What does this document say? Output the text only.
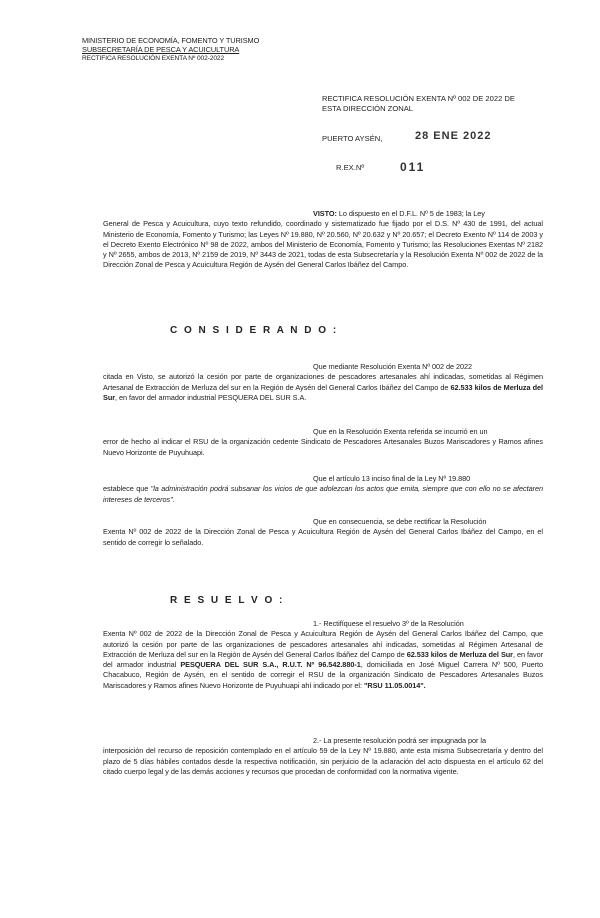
MINISTERIO DE ECONOMÍA, FOMENTO Y TURISMO
SUBSECRETARÍA DE PESCA Y ACUICULTURA
RECTIFICA RESOLUCIÓN EXENTA Nº 002-2022
RECTIFICA RESOLUCIÓN EXENTA Nº 002 DE 2022 DE
ESTA DIRECCIÓN ZONAL
PUERTO AYSÉN,	28 ENE 2022
R.EX.Nº	011
VISTO: Lo dispuesto en el D.F.L. Nº 5 de 1983; la Ley
General de Pesca y Acuicultura, cuyo texto refundido, coordinado y sistematizado fue fijado por el D.S. Nº 430 de 1991, del actual Ministerio de Economía, Fomento y Turismo; las Leyes Nº 19.880, Nº 20.560, Nº 20.632 y Nº 20.657; el Decreto Exento Nº 114 de 2003 y el Decreto Exento Electrónico Nº 98 de 2022, ambos del Ministerio de Economía, Fomento y Turismo; las Resoluciones Exentas Nº 2182 y Nº 2655, ambos de 2013, Nº 2159 de 2019, Nº 3443 de 2021, todas de esta Subsecretaría y la Resolución Exenta Nº 002 de 2022 de la Dirección Zonal de Pesca y Acuicultura Región de Aysén del General Carlos Ibáñez del Campo.
C O N S I D E R A N D O :
Que mediante Resolución Exenta Nº 002 de 2022
citada en Visto, se autorizó la cesión por parte de organizaciones de pescadores artesanales ahí indicadas, sometidas al Régimen Artesanal de Extracción de Merluza del sur en la Región de Aysén del General Carlos Ibáñez del Campo de 62.533 kilos de Merluza del Sur, en favor del armador industrial PESQUERA DEL SUR S.A.
Que en la Resolución Exenta referida se incurrió en un
error de hecho al indicar el RSU de la organización cedente Sindicato de Pescadores Artesanales Buzos Mariscadores y Ramos afines Nuevo Horizonte de Puyuhuapi.
Que el artículo 13 inciso final de la Ley Nº 19.880
establece que "la administración podrá subsanar los vicios de que adolezcan los actos que emita, siempre que con ello no se afectaren intereses de terceros".
Que en consecuencia, se debe rectificar la Resolución
Exenta Nº 002 de 2022 de la Dirección Zonal de Pesca y Acuicultura Región de Aysén del General Carlos Ibáñez del Campo, en el sentido de corregir lo señalado.
R E S U E L V O :
1.- Rectifíquese el resuelvo 3º de la Resolución
Exenta Nº 002 de 2022 de la Dirección Zonal de Pesca y Acuicultura Región de Aysén del General Carlos Ibáñez del Campo, que autorizó la cesión por parte de las organizaciones de pescadores artesanales ahí indicadas, sometidas al Régimen Artesanal de Extracción de Merluza del sur en la Región de Aysén del General Carlos Ibáñez del Campo de 62.533 kilos de Merluza del Sur, en favor del armador industrial PESQUERA DEL SUR S.A., R.U.T. Nº 96.542.880-1, domiciliada en José Miguel Carrera Nº 500, Puerto Chacabuco, Región de Aysén, en el sentido de corregir el RSU de la organización Sindicato de Pescadores Artesanales Buzos Mariscadores y Ramos afines Nuevo Horizonte de Puyuhuapi ahí indicado por el: "RSU 11.05.0014".
2.- La presente resolución podrá ser impugnada por la
interposición del recurso de reposición contemplado en el artículo 59 de la Ley Nº 19.880, ante esta misma Subsecretaría y dentro del plazo de 5 días hábiles contados desde la respectiva notificación, sin perjuicio de la aclaración del acto dispuesta en el artículo 62 del citado cuerpo legal y de las demás acciones y recursos que procedan de conformidad con la normativa vigente.
